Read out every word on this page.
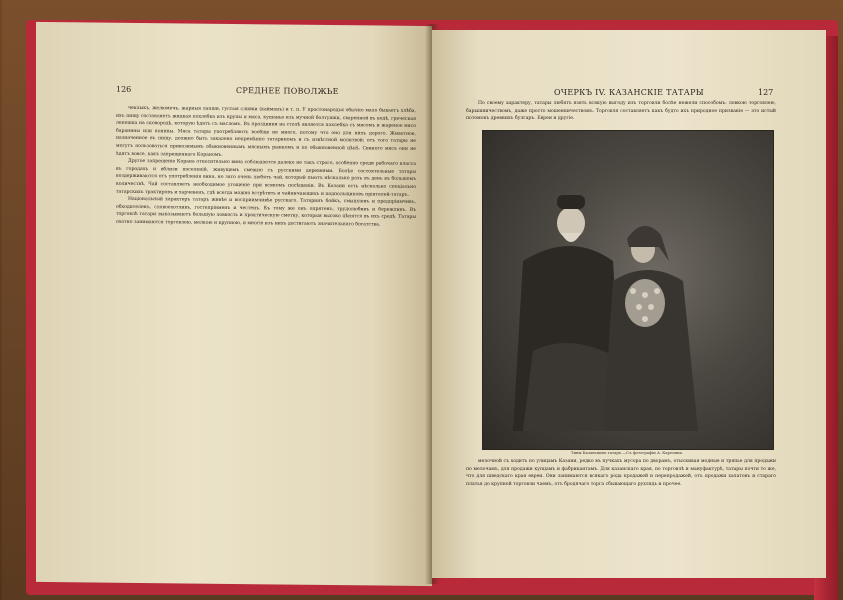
126	СРЕДНЕЕ ПОВОЛЖЬЕ

чеклыкъ, желюмечъ, жарныя лапши, густыя сливки (кайманъ) и т. п. У простонародья обычно мало бываетъ хлѣба, ихъ пищу составляетъ жидкая похлебка изъ крупы и мяса, кушанье изъ мучной болтушки, сваренной въ водѣ, греческая лепешка на сковородѣ, которую ѣдятъ съ масломъ. Въ праздники на столѣ является похлебка съ мясомъ и жареное мясо баранины или конины. Мяса татары употребляютъ вообще не много, потому что оно для нихъ дорого. Животное, назначенное въ пищу, должно быть закалено непремѣнно татариномъ и съ извѣстной молитвой; отъ того татары не могутъ пользоваться привозимымъ обыкновеннымъ мяснымъ рынкомъ и по обыкновенной цѣнѣ. Свиного мяса они не ѣдятъ вовсе, какъ запрещеннаго Кораномъ.

Другое запрещеніе Корана относительно вина соблюдается далеко не такъ строго, особенно среди рабочаго класса въ городахъ и вблизи поселеній, живущемъ смежно съ русскими деревнями. Болѣе состоятельные татары воздерживаются отъ употребленія вина, но зато очень любятъ чай, который пьютъ нѣсколько разъ въ день въ большомъ количествѣ. Чай составляетъ необходимое угощеніе при всякомъ посѣщеніи. Въ Казани есть нѣсколько спеціально татарскихъ трактировъ и харчевенъ, гдѣ всегда можно встрѣтить и чайничающихъ и подпольщиковъ пріятелей-татаръ.

Національный характеръ татаръ живѣе и восприимчивѣе русскаго. Татаринъ бойкъ, смышленъ и предпріимчивъ, обходителенъ, словоохотливъ, гостепріименъ и честенъ. Къ тому же онъ опрятенъ, трудолюбивъ и бережливъ. Въ торговлѣ татары выказываютъ большую ловкость и практическую сметку, которыя высоко цѣнятся въ ихъ средѣ. Татары охотно занимаются торговлею, мелкою и крупною, и многіе изъ нихъ достигаютъ значительнаго богатства.

ОЧЕРКЪ IV. КАЗАНСКІЕ ТАТАРЫ	127

По своему характеру, татары любятъ взять всякую выгоду изъ торговли болѣе нежели способомъ: ловкою торговлею, барышничествомъ, даже просто мошенничествомъ. Торговля составляетъ какъ будто ихъ природное призваніе — это истый потомокъ древнихъ булгаръ. Евреи и другіе.

Типы Казанскихъ татаръ.—Съ фотографіи А. Карелина.

мелочной съ ходитъ по улицамъ Казани, редко въ пучкахъ мусора по дворамъ, отыскивая модные и тряпье для продажи по мелочамъ, для продажи купцамъ и фабрикантамъ. Для казанскаго края, по торговлѣ и мануфактурѣ, татары почти то же, что для шведскаго края евреи. Они занимаются всякаго рода продажей и перепродажей, отъ продажи халатовъ и стараго платья до крупной торговли чаемъ, отъ бродячаго торга сбывающаго рухлядь и прочее.
